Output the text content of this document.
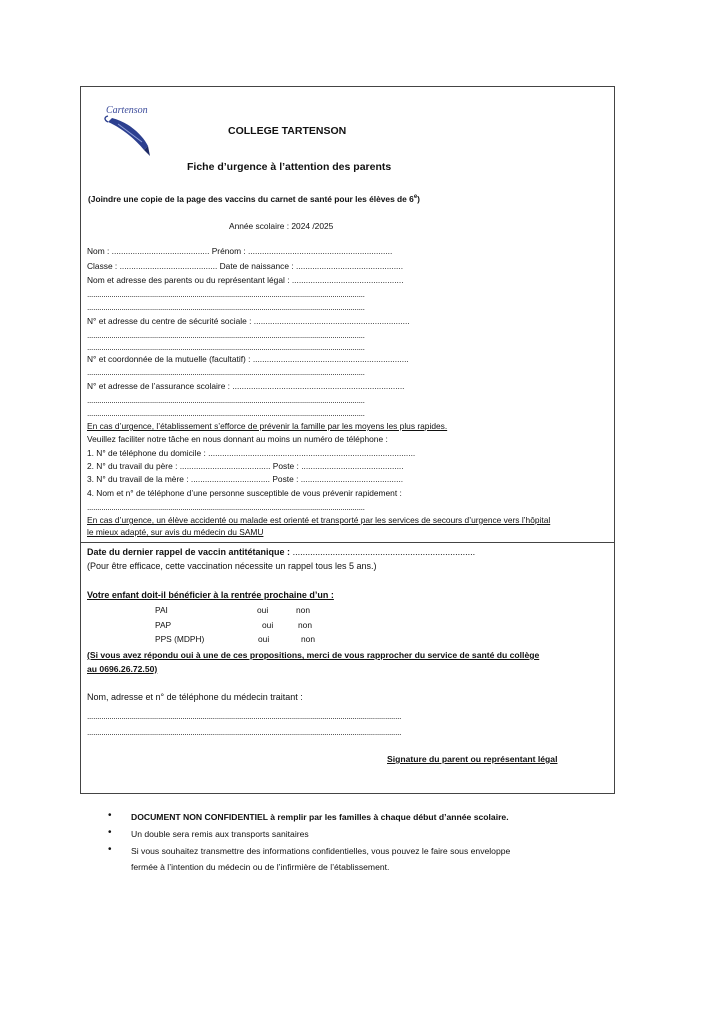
Cartenson
COLLEGE TARTENSON
Fiche d’urgence à l’attention des parents
(Joindre une copie de la page des vaccins du carnet de santé pour les élèves de 6e)
Année scolaire : 2024 /2025
Nom : .......................................... Prénom : ..............................................................
Classe : .......................................... Date de naissance : ..............................................
Nom et adresse des parents ou du représentant légal : ................................................
.........................................................................................................................................
.........................................................................................................................................
N° et adresse du centre de sécurité sociale : ...................................................................
.........................................................................................................................................
.........................................................................................................................................
N° et coordonnée de la mutuelle (facultatif) : ...................................................................
.........................................................................................................................................
N° et adresse de l’assurance scolaire : ..........................................................................
.........................................................................................................................................
.........................................................................................................................................
En cas d’urgence, l’établissement s’efforce de prévenir la famille par les moyens les plus rapides.
Veuillez faciliter notre tâche en nous donnant au moins un numéro de téléphone :
1. N° de téléphone du domicile : .........................................................................................
2. N° du travail du père : ....................................... Poste : ............................................
3. N° du travail de la mère : .................................. Poste : ............................................
4. Nom et n° de téléphone d’une personne susceptible de vous prévenir rapidement :
.........................................................................................................................................
En cas d’urgence, un élève accidenté ou malade est orienté et transporté par les services de secours d’urgence vers l’hôpital
le mieux adapté, sur avis du médecin du SAMU
Date du dernier rappel de vaccin antitétanique : .........................................................................
(Pour être efficace, cette vaccination nécessite un rappel tous les 5 ans.)
Votre enfant doit-il bénéficier à la rentrée prochaine d’un :
PAI	oui	non
PAP	oui	non
PPS (MDPH)	oui	non
(Si vous avez répondu oui à une de ces propositions, merci de vous rapprocher du service de santé du collège
au 0696.26.72.50)
Nom, adresse et n° de téléphone du médecin traitant :
...........................................................................................................................................................
...........................................................................................................................................................
Signature du parent ou représentant légal
• DOCUMENT NON CONFIDENTIEL à remplir par les familles à chaque début d’année scolaire.
• Un double sera remis aux transports sanitaires
• Si vous souhaitez transmettre des informations confidentielles, vous pouvez le faire sous enveloppe
fermée à l’intention du médecin ou de l’infirmière de l’établissement.
